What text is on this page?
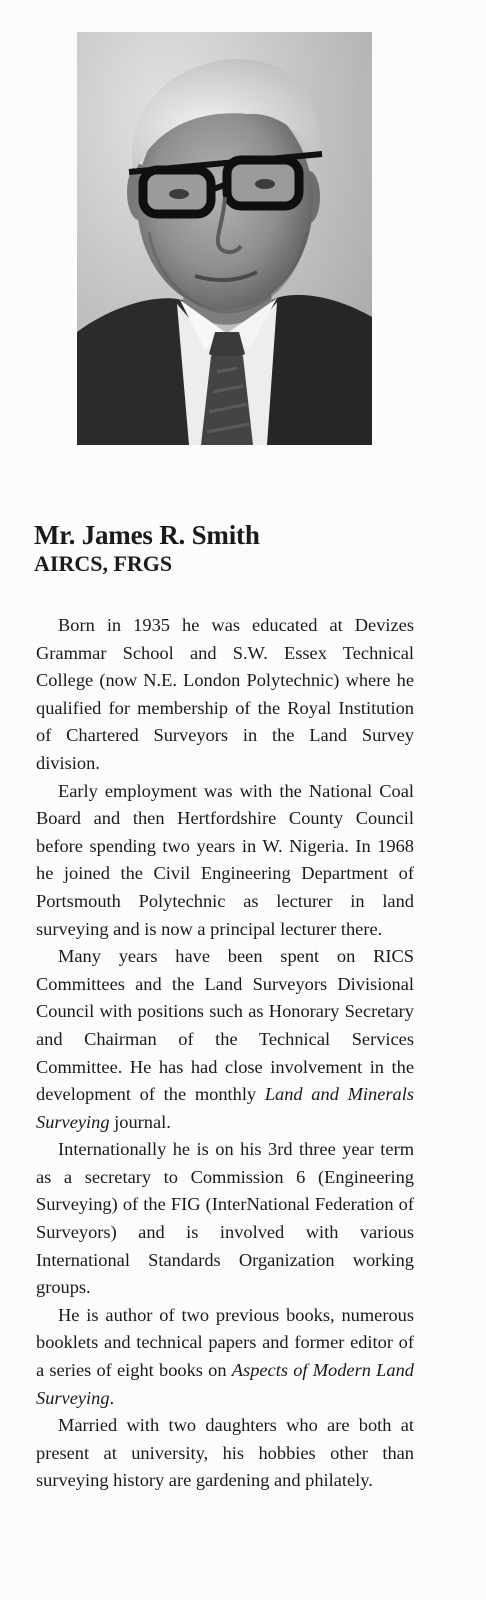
Mr. James R. Smith
AIRCS, FRGS

Born in 1935 he was educated at Devizes Grammar School and S.W. Essex Technical College (now N.E. London Polytechnic) where he qualified for membership of the Royal Institution of Chartered Surveyors in the Land Survey division.

Early employment was with the National Coal Board and then Hertfordshire County Council before spending two years in W. Nigeria. In 1968 he joined the Civil Engineering Department of Portsmouth Polytechnic as lecturer in land surveying and is now a principal lecturer there.

Many years have been spent on RICS Committees and the Land Surveyors Divisional Council with positions such as Honorary Secretary and Chairman of the Technical Services Committee. He has had close involvement in the development of the monthly Land and Minerals Surveying journal.

Internationally he is on his 3rd three year term as a secretary to Commission 6 (Engineering Surveying) of the FIG (InterNational Federation of Surveyors) and is involved with various International Standards Organization working groups.

He is author of two previous books, numerous booklets and technical papers and former editor of a series of eight books on Aspects of Modern Land Surveying.

Married with two daughters who are both at present at university, his hobbies other than surveying history are gardening and philately.
